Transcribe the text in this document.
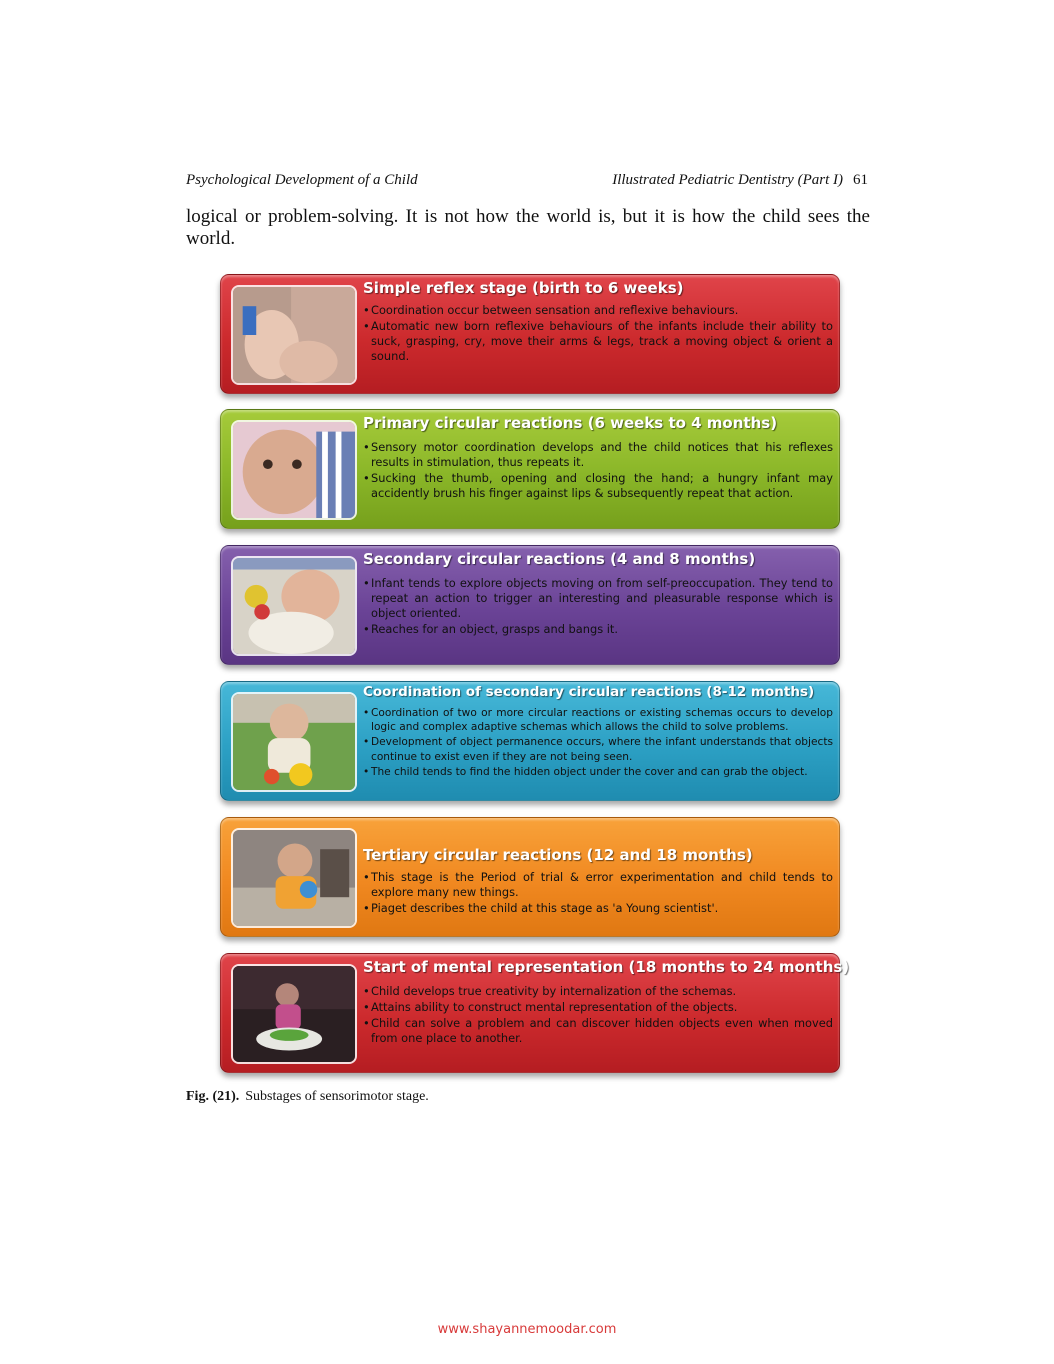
Psychological Development of a Child	Illustrated Pediatric Dentistry (Part I) 61
logical or problem-solving. It is not how the world is, but it is how the child sees the world.
Simple reflex stage (birth to 6 weeks)
• Coordination occur between sensation and reflexive behaviours.
• Automatic new born reflexive behaviours of the infants include their ability to suck, grasping, cry, move their arms & legs, track a moving object & orient a sound.
Primary circular reactions (6 weeks to 4 months)
• Sensory motor coordination develops and the child notices that his reflexes results in stimulation, thus repeats it.
• Sucking the thumb, opening and closing the hand; a hungry infant may accidently brush his finger against lips & subsequently repeat that action.
Secondary circular reactions (4 and 8 months)
• Infant tends to explore objects moving on from self-preoccupation. They tend to repeat an action to trigger an interesting and pleasurable response which is object oriented.
• Reaches for an object, grasps and bangs it.
Coordination of secondary circular reactions (8-12 months)
• Coordination of two or more circular reactions or existing schemas occurs to develop logic and complex adaptive schemas which allows the child to solve problems.
• Development of object permanence occurs, where the infant understands that objects continue to exist even if they are not being seen.
• The child tends to find the hidden object under the cover and can grab the object.
Tertiary circular reactions (12 and 18 months)
• This stage is the Period of trial & error experimentation and child tends to explore many new things.
• Piaget describes the child at this stage as 'a Young scientist'.
Start of mental representation (18 months to 24 months)
• Child develops true creativity by internalization of the schemas.
• Attains ability to construct mental representation of the objects.
• Child can solve a problem and can discover hidden objects even when moved from one place to another.
Fig. (21). Substages of sensorimotor stage.
www.shayannemoodar.com
